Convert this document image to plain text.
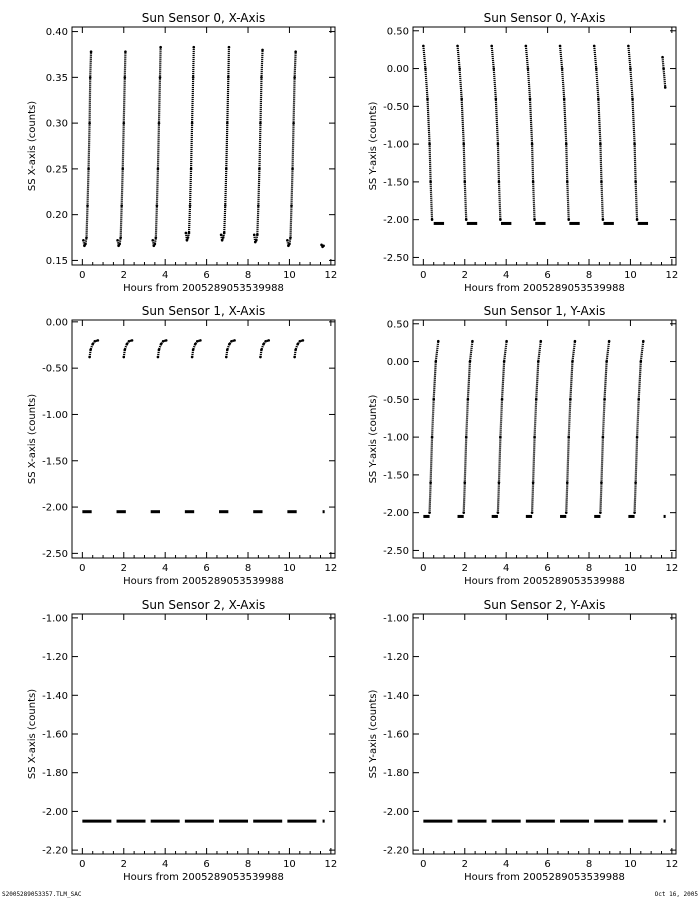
Sun Sensor 0, X-Axis
0	2	4	6	8	10	12
0.15
0.20
0.25
0.30
0.35
0.40
Hours from 2005289053539988
SS X-axis (counts)
Sun Sensor 0, Y-Axis
0	2	4	6	8	10	12
-2.50
-2.00
-1.50
-1.00
-0.50
0.00
0.50
Hours from 2005289053539988
SS Y-axis (counts)
Sun Sensor 1, X-Axis
0	2	4	6	8	10	12
-2.50
-2.00
-1.50
-1.00
-0.50
0.00
Hours from 2005289053539988
SS X-axis (counts)
Sun Sensor 1, Y-Axis
0	2	4	6	8	10	12
-2.50
-2.00
-1.50
-1.00
-0.50
0.00
0.50
Hours from 2005289053539988
SS Y-axis (counts)
Sun Sensor 2, X-Axis
0	2	4	6	8	10	12
-2.20
-2.00
-1.80
-1.60
-1.40
-1.20
-1.00
Hours from 2005289053539988
SS X-axis (counts)
Sun Sensor 2, Y-Axis
0	2	4	6	8	10	12
-2.20
-2.00
-1.80
-1.60
-1.40
-1.20
-1.00
Hours from 2005289053539988
SS Y-axis (counts)
S2005289053357.TLM_SAC	Oct 16, 2005
